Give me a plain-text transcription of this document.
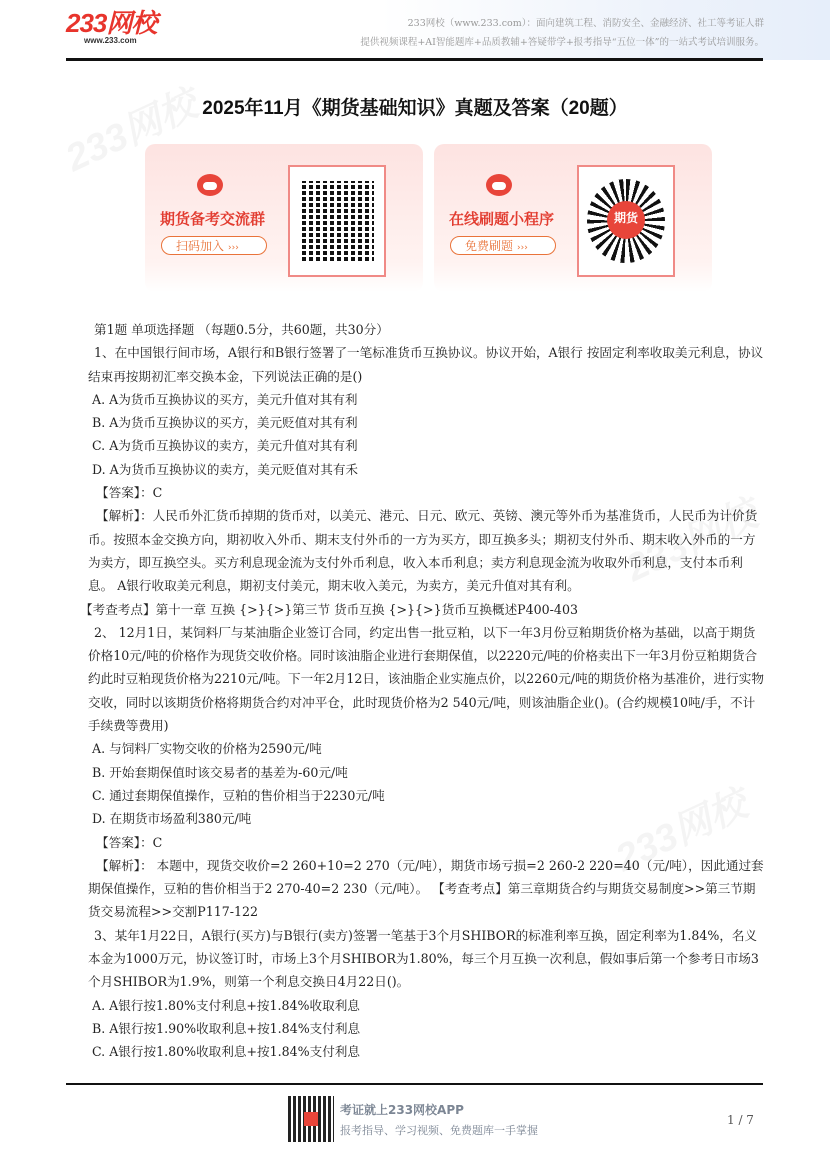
233网校
www.233.com
233网校（www.233.com）：面向建筑工程、消防安全、金融经济、社工等考证人群
提供视频课程+AI智能题库+品质教辅+答疑带学+报考指导“五位一体”的一站式考试培训服务。
2025年11月《期货基础知识》真题及答案（20题）
期货备考交流群
扫码加入 ›››
在线刷题小程序
免费刷题 ›››
期货

第1题 单项选择题 （每题0.5分，共60题，共30分）

1、在中国银行间市场，A银行和B银行签署了一笔标准货币互换协议。协议开始，A银行 按固定利率收取美元利息，协议结束再按期初汇率交换本金，下列说法正确的是()

A. A为货币互换协议的买方，美元升值对其有利

B. A为货币互换协议的买方，美元贬值对其有利

C. A为货币互换协议的卖方，美元升值对其有利

D. A为货币互换协议的卖方，美元贬值对其有禾

【答案】：C

【解析】：人民币外汇货币掉期的货币对，以美元、港元、日元、欧元、英镑、澳元等外币为基准货币，人民币为计价货币。按照本金交换方向，期初收入外币、期末支付外币的一方为买方，即互换多头；期初支付外币、期末收入外币的一方为卖方，即互换空头。买方利息现金流为支付外币利息，收入本币利息；卖方利息现金流为收取外币利息，支付本币利息。 A银行收取美元利息，期初支付美元，期末收入美元，为卖方，美元升值对其有利。

【考查考点】第十一章 互换 {>}{>}第三节 货币互换 {>}{>}货币互换概述P400-403

2、 12月1日，某饲料厂与某油脂企业签订合同，约定出售一批豆粕，以下一年3月份豆粕期货价格为基础，以高于期货价格10元/吨的价格作为现货交收价格。同时该油脂企业进行套期保值，以2220元/吨的价格卖出下一年3月份豆粕期货合约此时豆粕现货价格为2210元/吨。下一年2月12日，该油脂企业实施点价，以2260元/吨的期货价格为基准价，进行实物交收，同时以该期货价格将期货合约对冲平仓，此时现货价格为2 540元/吨，则该油脂企业()。(合约规模10吨/手，不计手续费等费用)

A. 与饲料厂实物交收的价格为2590元/吨

B. 开始套期保值时该交易者的基差为-60元/吨

C. 通过套期保值操作，豆粕的售价相当于2230元/吨

D. 在期货市场盈利380元/吨

【答案】：C

【解析】： 本题中，现货交收价=2 260+10=2 270（元/吨），期货市场亏损=2 260-2 220=40（元/吨），因此通过套期保值操作，豆粕的售价相当于2 270-40=2 230（元/吨）。 【考查考点】第三章期货合约与期货交易制度>>第三节期货交易流程>>交割P117-122

3、某年1月22日，A银行(买方)与B银行(卖方)签署一笔基于3个月SHIBOR的标准利率互换，固定利率为1.84%，名义本金为1000万元，协议签订时，市场上3个月SHIBOR为1.80%，每三个月互换一次利息，假如事后第一个参考日市场3个月SHIBOR为1.9%，则第一个利息交换日4月22日()。

A. A银行按1.80%支付利息+按1.84%收取利息

B. A银行按1.90%收取利息+按1.84%支付利息

C. A银行按1.80%收取利息+按1.84%支付利息

考证就上233网校APP
报考指导、学习视频、免费题库一手掌握
1 / 7
